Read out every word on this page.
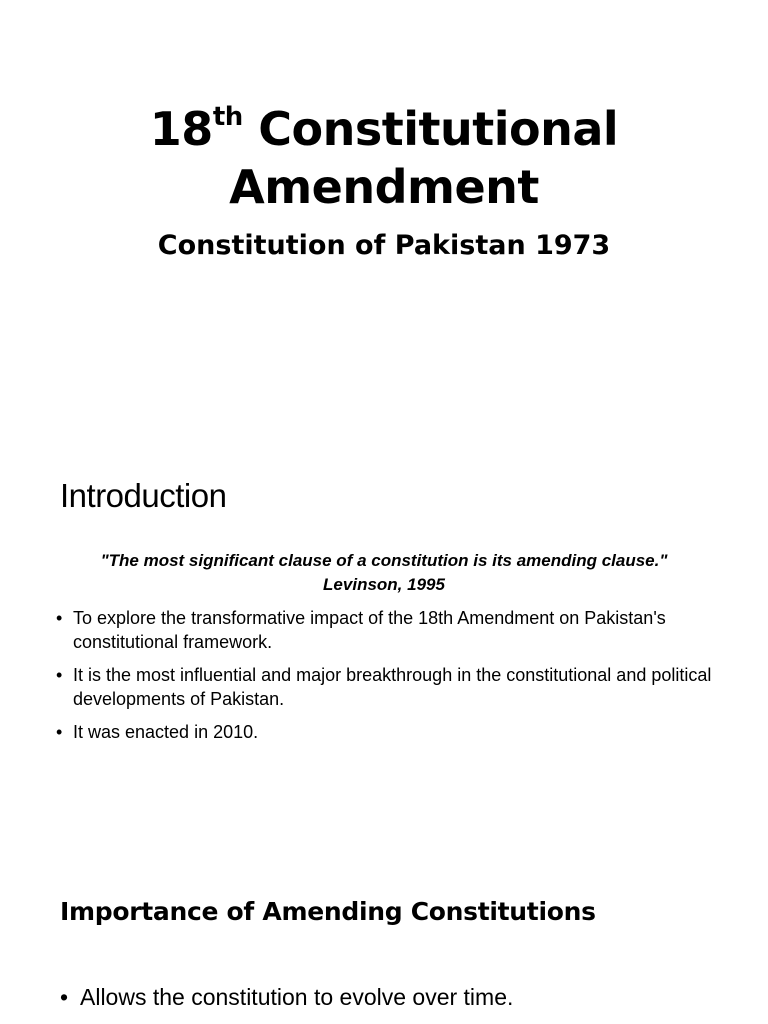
18th Constitutional
Amendment
Constitution of Pakistan 1973
Introduction
"The most significant clause of a constitution is its amending clause."
Levinson, 1995
• To explore the transformative impact of the 18th Amendment on Pakistan's constitutional framework.
• It is the most influential and major breakthrough in the constitutional and political developments of Pakistan.
• It was enacted in 2010.
Importance of Amending Constitutions
• Allows the constitution to evolve over time.
